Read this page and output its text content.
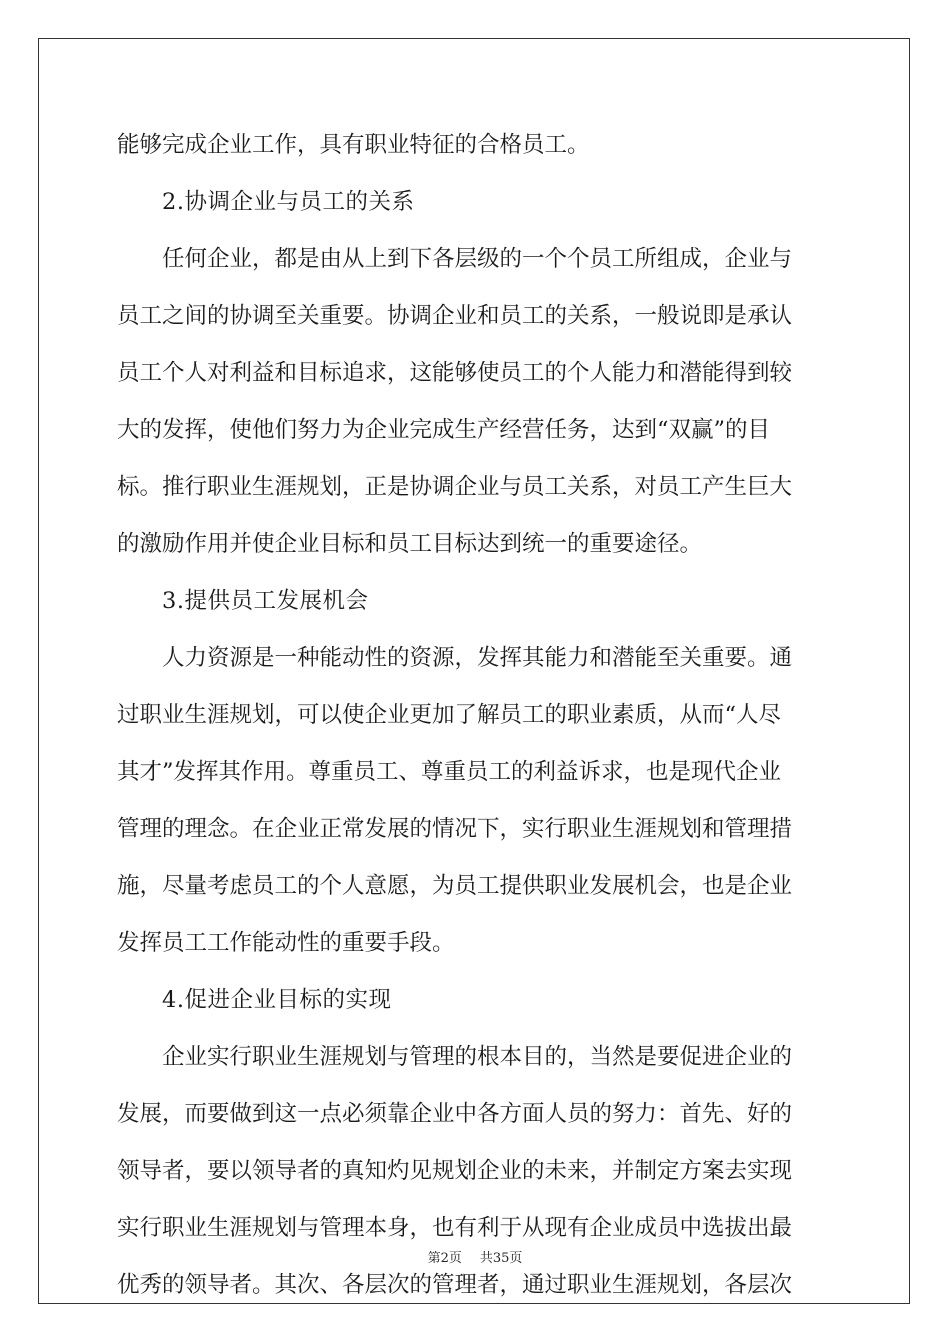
能够完成企业工作，具有职业特征的合格员工。
2.协调企业与员工的关系
任何企业，都是由从上到下各层级的一个个员工所组成，企业与
员工之间的协调至关重要。协调企业和员工的关系，一般说即是承认
员工个人对利益和目标追求，这能够使员工的个人能力和潜能得到较
大的发挥，使他们努力为企业完成生产经营任务，达到“双赢”的目
标。推行职业生涯规划，正是协调企业与员工关系，对员工产生巨大
的激励作用并使企业目标和员工目标达到统一的重要途径。
3.提供员工发展机会
人力资源是一种能动性的资源，发挥其能力和潜能至关重要。通
过职业生涯规划，可以使企业更加了解员工的职业素质，从而“人尽
其才”发挥其作用。尊重员工、尊重员工的利益诉求，也是现代企业
管理的理念。在企业正常发展的情况下，实行职业生涯规划和管理措
施，尽量考虑员工的个人意愿，为员工提供职业发展机会，也是企业
发挥员工工作能动性的重要手段。
4.促进企业目标的实现
企业实行职业生涯规划与管理的根本目的，当然是要促进企业的
发展，而要做到这一点必须靠企业中各方面人员的努力：首先、好的
领导者，要以领导者的真知灼见规划企业的未来，并制定方案去实现
实行职业生涯规划与管理本身，也有利于从现有企业成员中选拔出最
优秀的领导者。其次、各层次的管理者，通过职业生涯规划，各层次
第2页 共35页
